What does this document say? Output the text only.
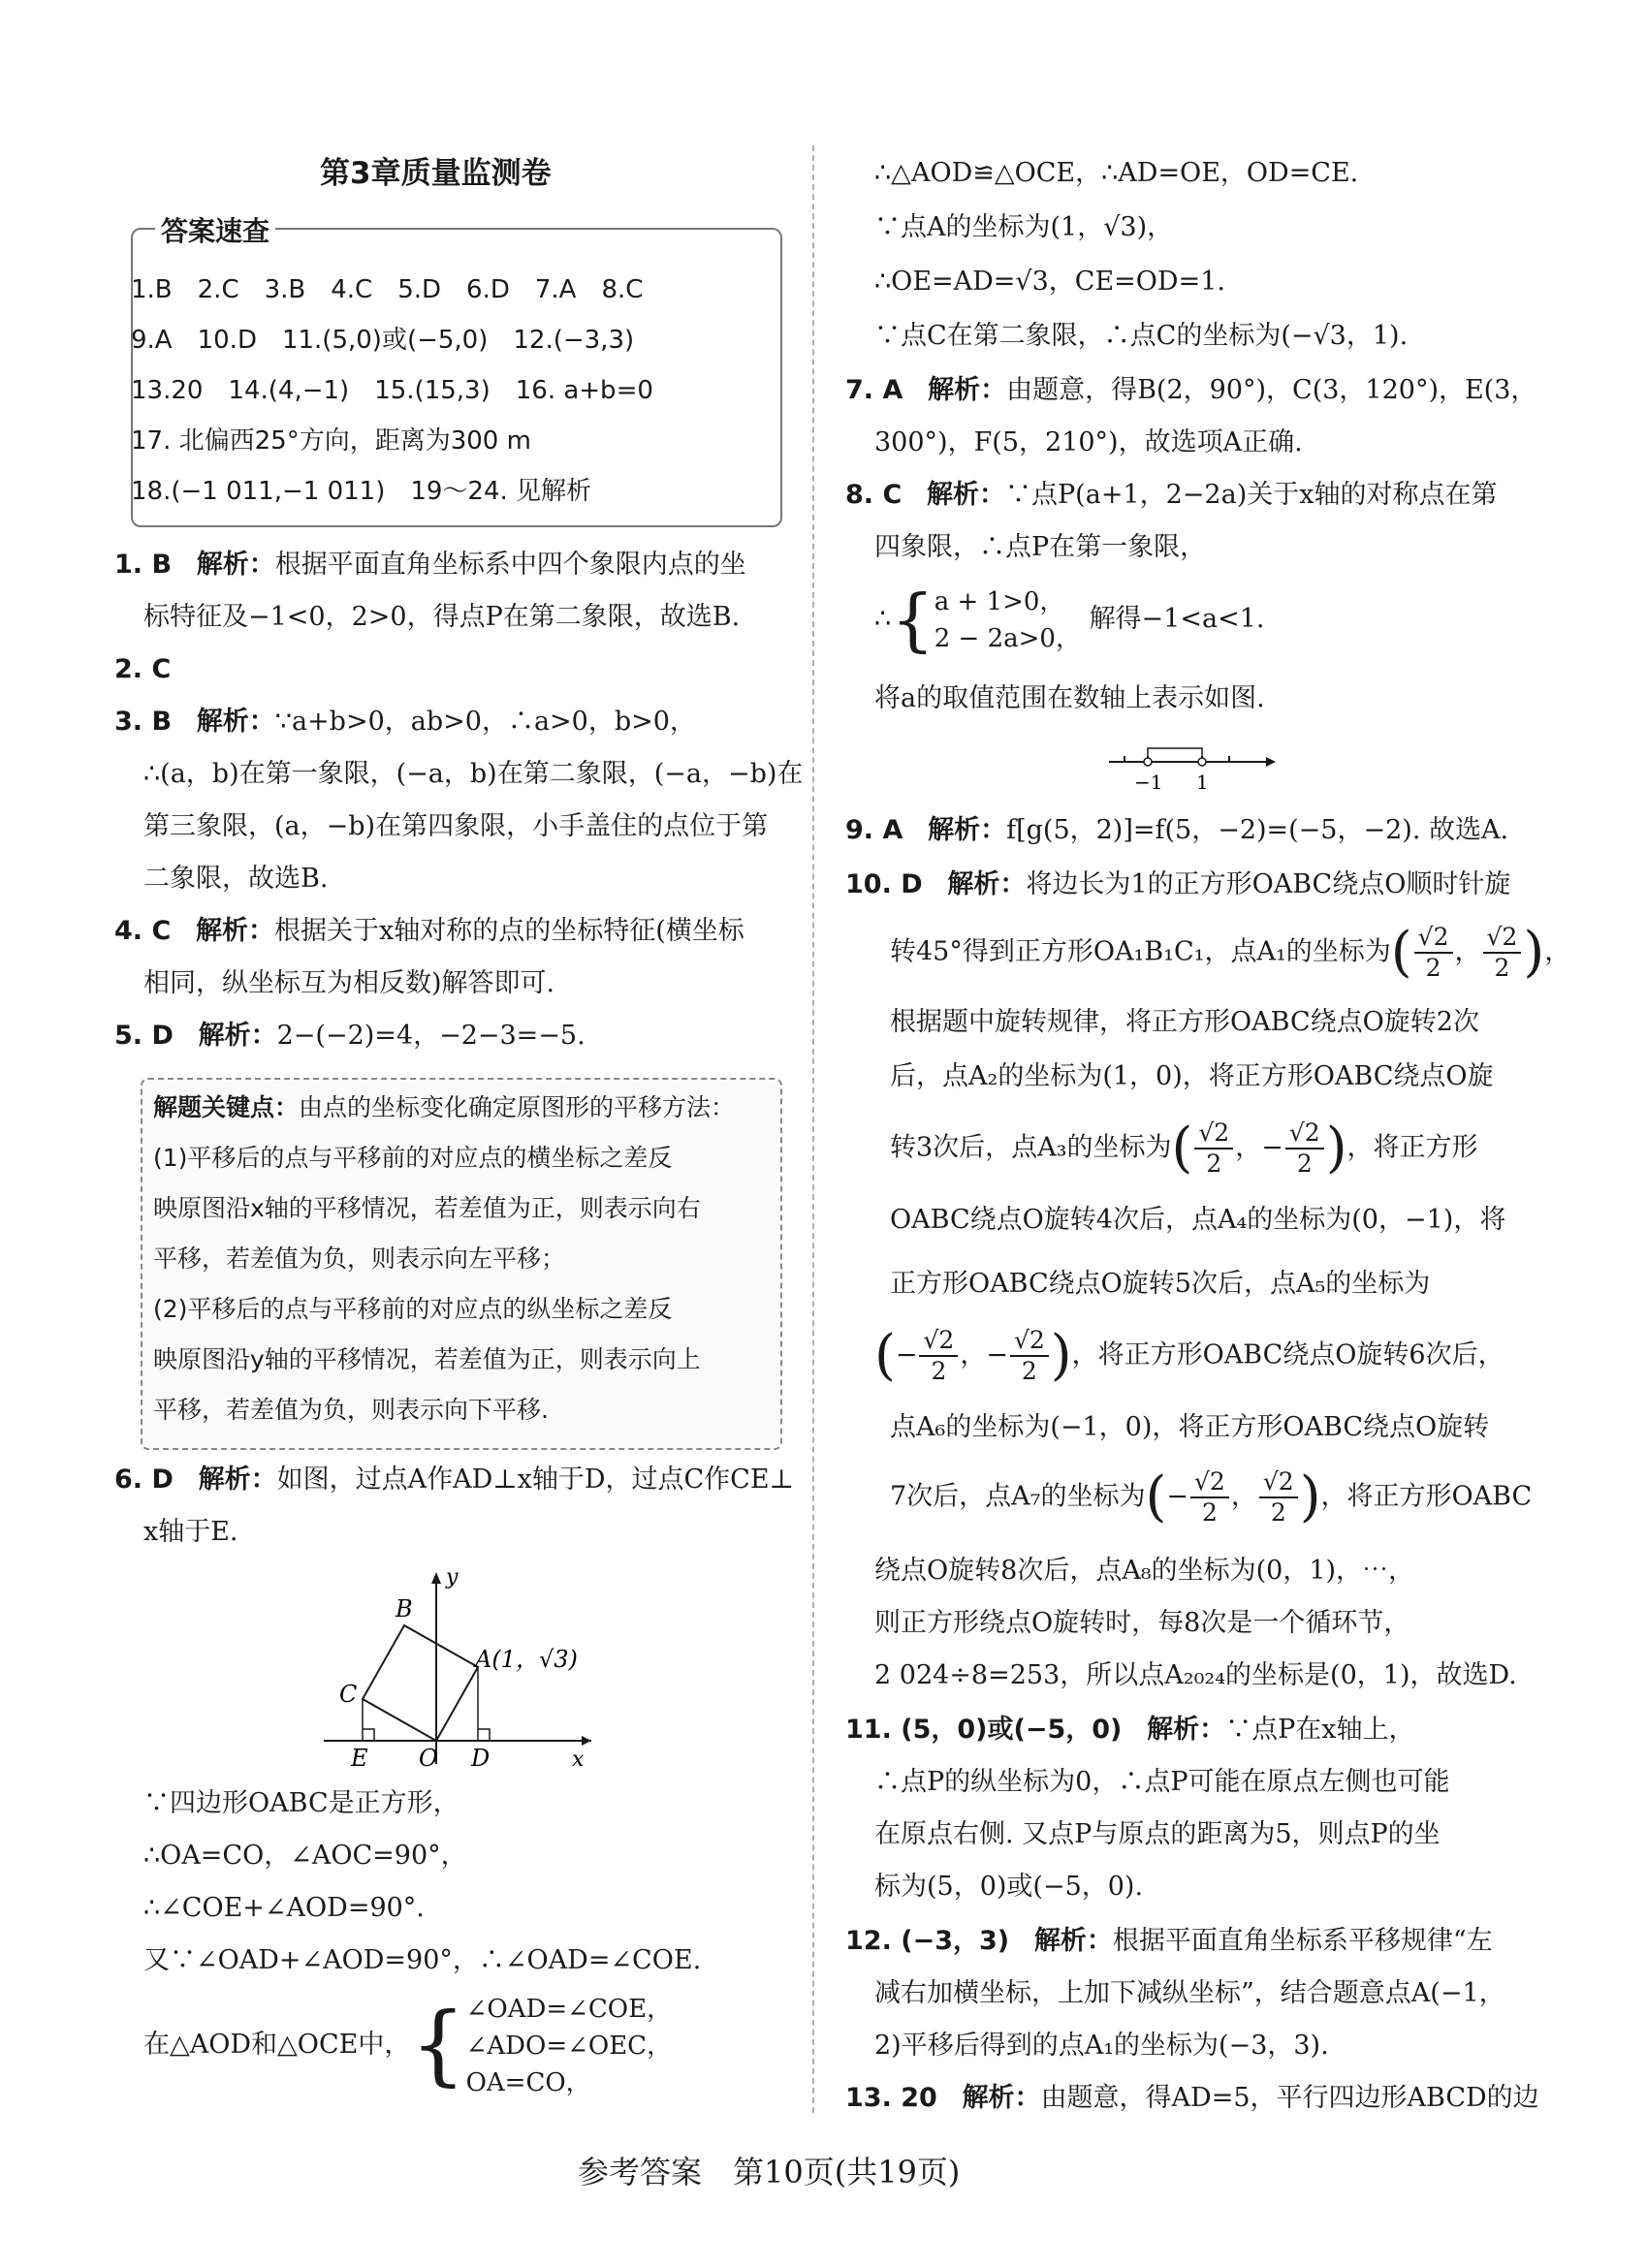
第3章质量监测卷
答案速查
1.B　2.C　3.B　4.C　5.D　6.D　7.A　8.C
9.A　10.D　11.(5,0)或(−5,0)　12.(−3,3)
13.20　14.(4,−1)　15.(15,3)　16. a+b=0
17. 北偏西25°方向，距离为300 m
18.(−1 011,−1 011)　19～24. 见解析
1. B 解析：根据平面直角坐标系中四个象限内点的坐
标特征及−1<0，2>0，得点P在第二象限，故选B.
2. C
3. B 解析：∵a+b>0，ab>0，∴a>0，b>0，
∴(a，b)在第一象限，(−a，b)在第二象限，(−a，−b)在
第三象限，(a，−b)在第四象限，小手盖住的点位于第
二象限，故选B.
4. C 解析：根据关于x轴对称的点的坐标特征(横坐标
相同，纵坐标互为相反数)解答即可.
5. D 解析：2−(−2)=4，−2−3=−5.
解题关键点：由点的坐标变化确定原图形的平移方法：
(1)平移后的点与平移前的对应点的横坐标之差反
映原图沿x轴的平移情况，若差值为正，则表示向右
平移，若差值为负，则表示向左平移；
(2)平移后的点与平移前的对应点的纵坐标之差反
映原图沿y轴的平移情况，若差值为正，则表示向上
平移，若差值为负，则表示向下平移.
6. D 解析：如图，过点A作AD⊥x轴于D，过点C作CE⊥
x轴于E.
B
A(1，√3)
C
E O D	x
y
∵四边形OABC是正方形，
∴OA=CO，∠AOC=90°，
∴∠COE+∠AOD=90°.
又∵∠OAD+∠AOD=90°，∴∠OAD=∠COE.
在△AOD和△OCE中，{ ∠OAD=∠COE，
∠ADO=∠OEC，
OA=CO，
∴△AOD≌△OCE，∴AD=OE，OD=CE.
∵点A的坐标为(1，√3)，
∴OE=AD=√3，CE=OD=1.
∵点C在第二象限，∴点C的坐标为(−√3，1).
7. A 解析：由题意，得B(2，90°)，C(3，120°)，E(3，
300°)，F(5，210°)，故选项A正确.
8. C 解析：∵点P(a+1，2−2a)关于x轴的对称点在第
四象限，∴点P在第一象限，
∴{ a + 1>0，
2 − 2a>0，
解得−1<a<1.
将a的取值范围在数轴上表示如图.
−1 1
9. A 解析：f[g(5，2)]=f(5，−2)=(−5，−2). 故选A.
10. D 解析：将边长为1的正方形OABC绕点O顺时针旋
转45°得到正方形OA₁B₁C₁，点A₁的坐标为( $\frac{√2}{2}$ ， $\frac{√2}{2}$ )，
根据题中旋转规律，将正方形OABC绕点O旋转2次
后，点A₂的坐标为(1，0)，将正方形OABC绕点O旋
转3次后，点A₃的坐标为( $\frac{√2}{2}$ ，− $\frac{√2}{2}$ )，将正方形
OABC绕点O旋转4次后，点A₄的坐标为(0，−1)，将
正方形OABC绕点O旋转5次后，点A₅的坐标为
(− $\frac{√2}{2}$ ，− $\frac{√2}{2}$ )，将正方形OABC绕点O旋转6次后，
点A₆的坐标为(−1，0)，将正方形OABC绕点O旋转
7次后，点A₇的坐标为(− $\frac{√2}{2}$ ， $\frac{√2}{2}$ )，将正方形OABC
绕点O旋转8次后，点A₈的坐标为(0，1)，⋯，
则正方形绕点O旋转时，每8次是一个循环节，
2 024÷8=253，所以点A₂₀₂₄的坐标是(0，1)，故选D.
11. (5，0)或(−5，0) 解析：∵点P在x轴上，
∴点P的纵坐标为0，∴点P可能在原点左侧也可能
在原点右侧. 又点P与原点的距离为5，则点P的坐
标为(5，0)或(−5，0).
12. (−3，3) 解析：根据平面直角坐标系平移规律“左
减右加横坐标，上加下减纵坐标”，结合题意点A(−1，
2)平移后得到的点A₁的坐标为(−3，3).
13. 20 解析：由题意，得AD=5，平行四边形ABCD的边
参考答案　第10页(共19页)
